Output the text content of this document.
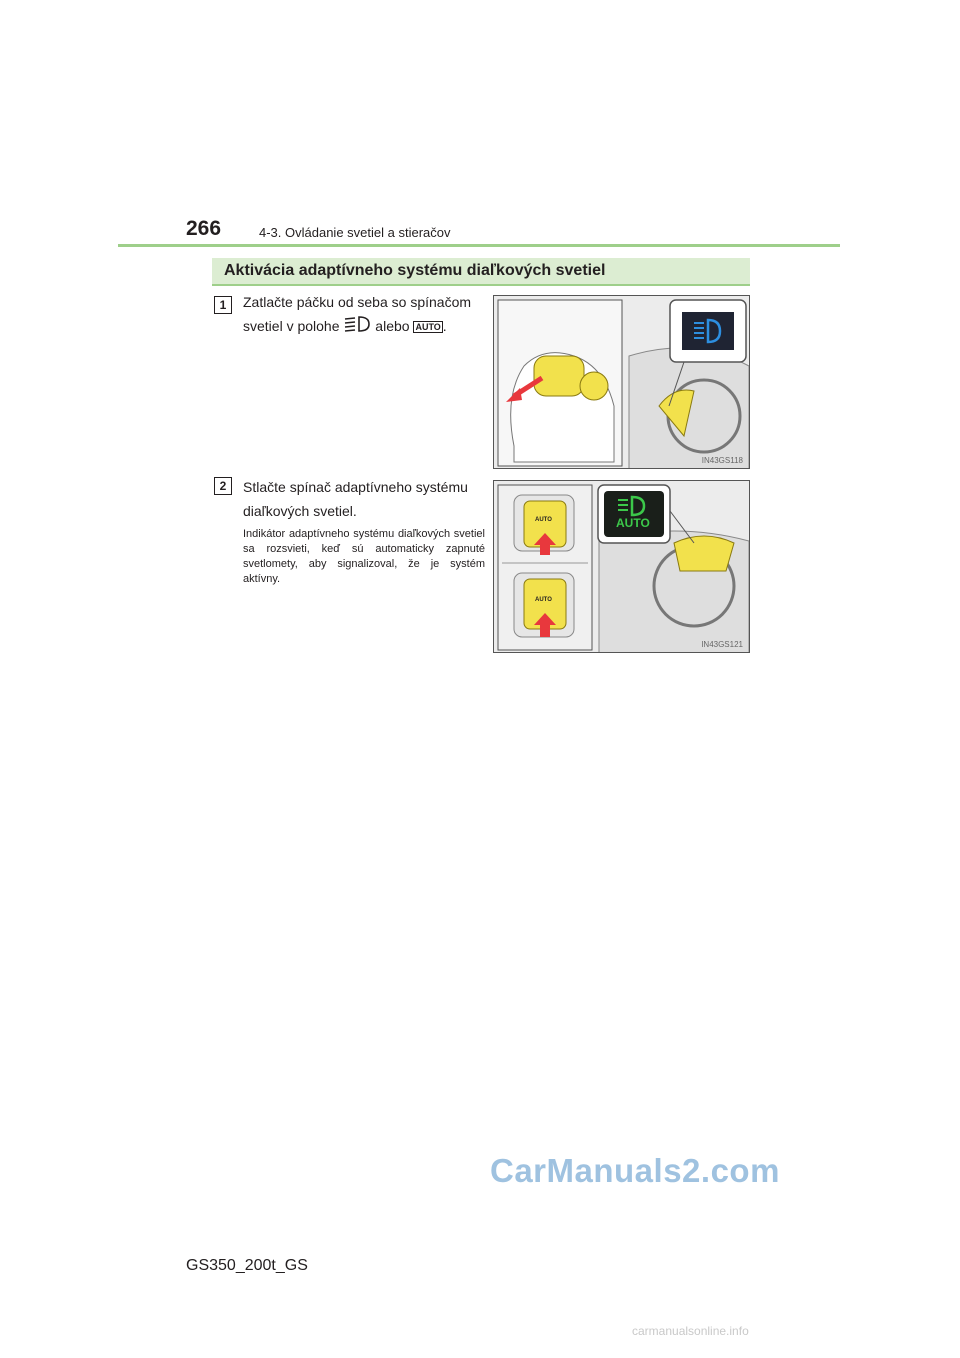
266	4-3. Ovládanie svetiel a stieračov
Aktivácia adaptívneho systému diaľkových svetiel
1	Zatlačte páčku od seba so spínačom svetiel v polohe	alebo AUTO .
IN43GS118
2	Stlačte spínač adaptívneho systému diaľkových svetiel.
Indikátor adaptívneho systému diaľkových svetiel sa rozsvieti, keď sú automaticky zapnuté svetlomety, aby signalizoval, že je systém aktívny.
AUTO
AUTO
AUTO
IN43GS121
CarManuals2.com
GS350_200t_GS
carmanualsonline.info
